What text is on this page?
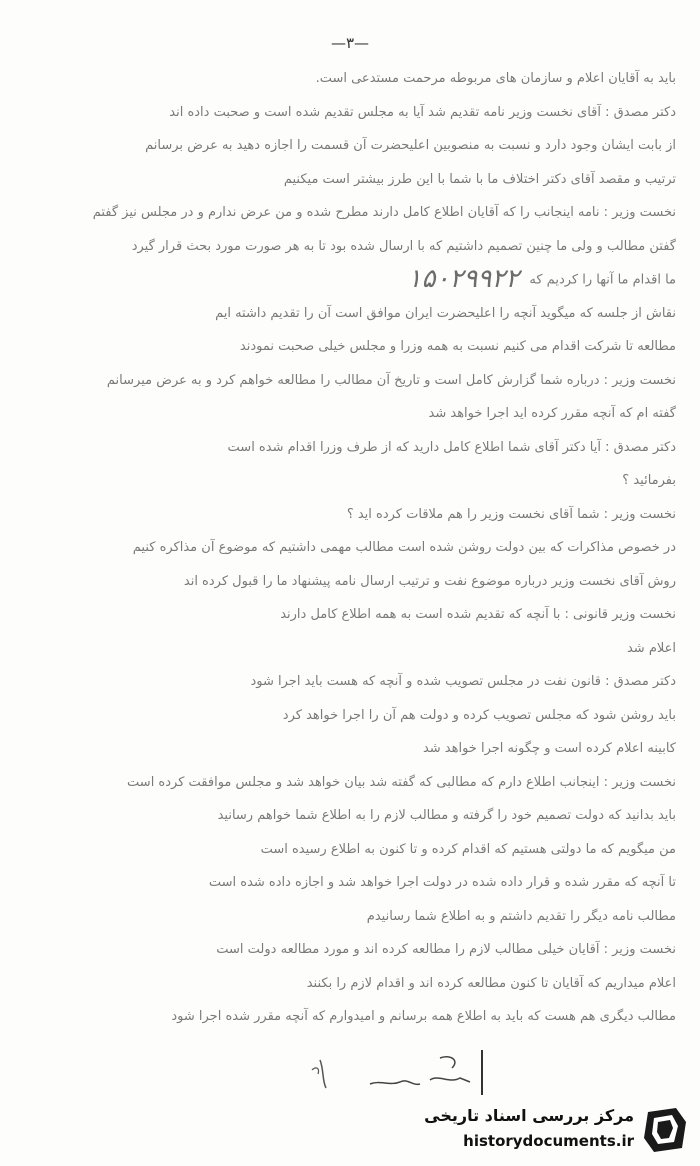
—۳—
باید به آقایان اعلام و سازمان های مربوطه مرحمت مستدعی است.
دکتر مصدق : آقای نخست وزیر نامه تقدیم شد آیا به مجلس تقدیم شده است و صحبت داده اند
از بابت ایشان وجود دارد و نسبت به منصوبین اعلیحضرت آن قسمت را اجازه دهید به عرض برسانم
ترتیب و مقصد آقای دکتر اختلاف ما با شما با این طرز بیشتر است میکنیم
نخست وزیر : نامه اینجانب را که آقایان اطلاع کامل دارند مطرح شده و من عرض ندارم و در مجلس نیز گفتم
گفتن مطالب و ولی ما چنین تصمیم داشتیم که با ارسال شده بود تا به هر صورت مورد بحث قرار گیرد
ما اقدام ما آنها را کردیم که ۱۵۰۲۹۹۲۲
نقاش از جلسه که میگوید آنچه را اعلیحضرت ایران موافق است آن را تقدیم داشته ایم
مطالعه تا شرکت اقدام می کنیم نسبت به همه وزرا و مجلس خیلی صحبت نمودند
نخست وزیر : درباره شما گزارش کامل است و تاریخ آن مطالب را مطالعه خواهم کرد و به عرض میرسانم
گفته ام که آنچه مقرر کرده اید اجرا خواهد شد
دکتر مصدق : آیا دکتر آقای شما اطلاع کامل دارید که از طرف وزرا اقدام شده است
بفرمائید ؟
نخست وزیر : شما آقای نخست وزیر را هم ملاقات کرده اید ؟
در خصوص مذاکرات که بین دولت روشن شده است مطالب مهمی داشتیم که موضوع آن مذاکره کنیم
روش آقای نخست وزیر درباره موضوع نفت و ترتیب ارسال نامه پیشنهاد ما را قبول کرده اند
نخست وزیر قانونی : با آنچه که تقدیم شده است به همه اطلاع کامل دارند
اعلام شد
دکتر مصدق : قانون نفت در مجلس تصویب شده و آنچه که هست باید اجرا شود
باید روشن شود که مجلس تصویب کرده و دولت هم آن را اجرا خواهد کرد
کابینه اعلام کرده است و چگونه اجرا خواهد شد
نخست وزیر : اینجانب اطلاع دارم که مطالبی که گفته شد بیان خواهد شد و مجلس موافقت کرده است
باید بدانید که دولت تصمیم خود را گرفته و مطالب لازم را به اطلاع شما خواهم رسانید
من میگویم که ما دولتی هستیم که اقدام کرده و تا کنون به اطلاع رسیده است
تا آنچه که مقرر شده و قرار داده شده در دولت اجرا خواهد شد و اجازه داده شده است
مطالب نامه دیگر را تقدیم داشتم و به اطلاع شما رسانیدم
نخست وزیر : آقایان خیلی مطالب لازم را مطالعه کرده اند و مورد مطالعه دولت است
اعلام میداریم که آقایان تا کنون مطالعه کرده اند و اقدام لازم را بکنند
مطالب دیگری هم هست که باید به اطلاع همه برسانم و امیدوارم که آنچه مقرر شده اجرا شود
مرکز بررسی اسناد تاریخی
historydocuments.ir
